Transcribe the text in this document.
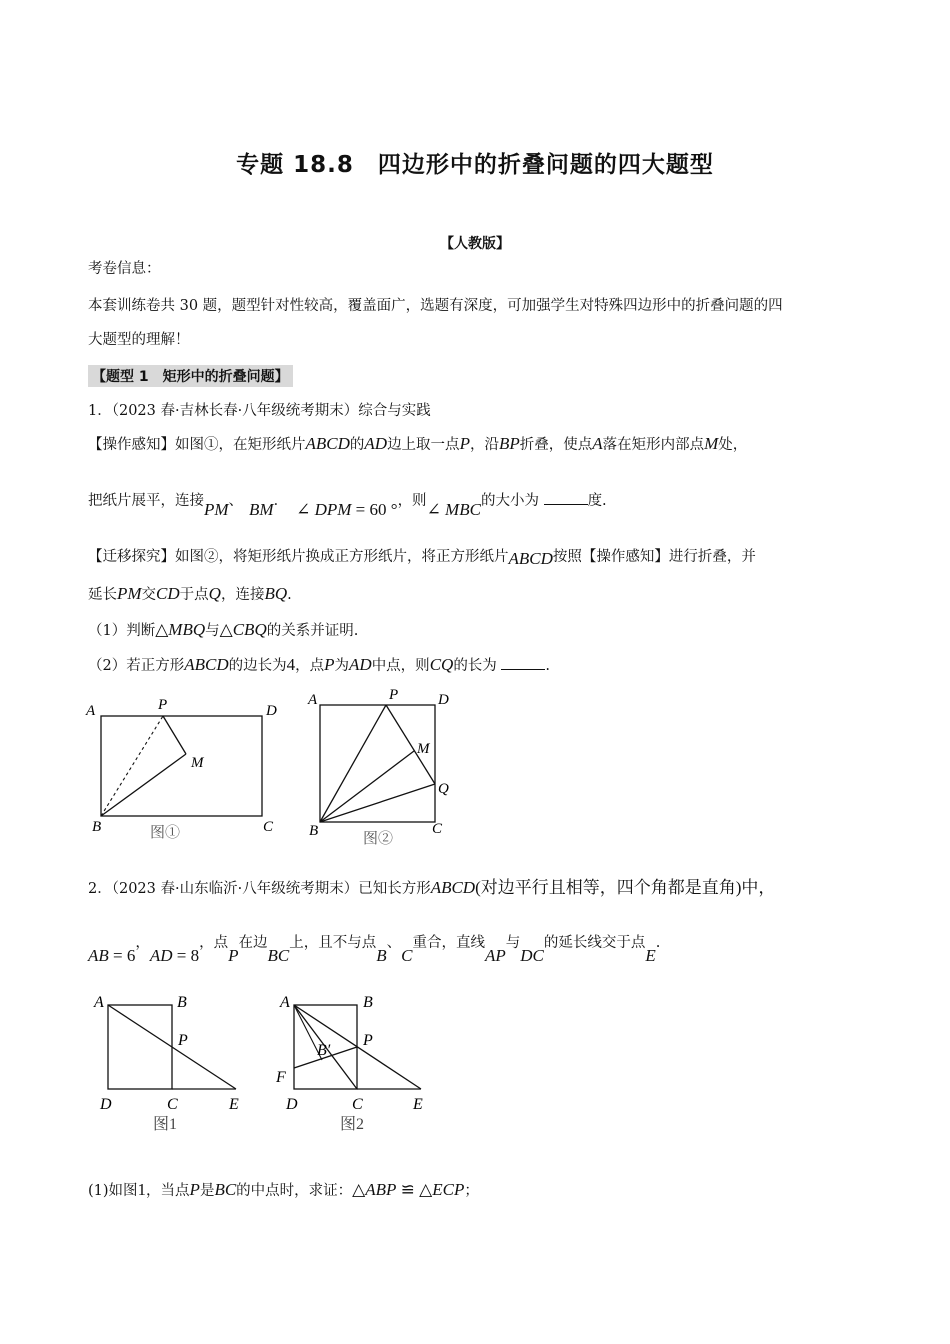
专题 18.8　四边形中的折叠问题的四大题型
【人教版】
考卷信息：
本套训练卷共 30 题，题型针对性较高，覆盖面广，选题有深度，可加强学生对特殊四边形中的折叠问题的四
大题型的理解！
【题型 1　矩形中的折叠问题】
1．（2023 春·吉林长春·八年级统考期末）综合与实践
【操作感知】如图①，在矩形纸片ABCD的AD边上取一点P，沿BP折叠，使点A落在矩形内部点M处，
把纸片展平，连接PM、 BM． ∠ DPM = 60 °，则∠ MBC的大小为	度.
【迁移探究】如图②，将矩形纸片换成正方形纸片，将正方形纸片ABCD按照【操作感知】进行折叠，并
延长PM交CD于点Q，连接BQ.
（1）判断△MBQ与△CBQ的关系并证明.
（2）若正方形ABCD的边长为4，点P为AD中点，则CQ的长为	.
A	P	D
M
B	C
图①
A	P	D
M
Q
B	C
图②
2．（2023 春·山东临沂·八年级统考期末）已知长方形ABCD(对边平行且相等，四个角都是直角)中，
AB = 6，AD = 8，点P在边BC上，且不与点B、C重合，直线AP与DC的延长线交于点E.
A	B
P
D	C	E
图1
A	B
P
B′
F
D	C	E
图2
(1)如图1，当点P是BC的中点时，求证：△ABP ≌ △ECP；
